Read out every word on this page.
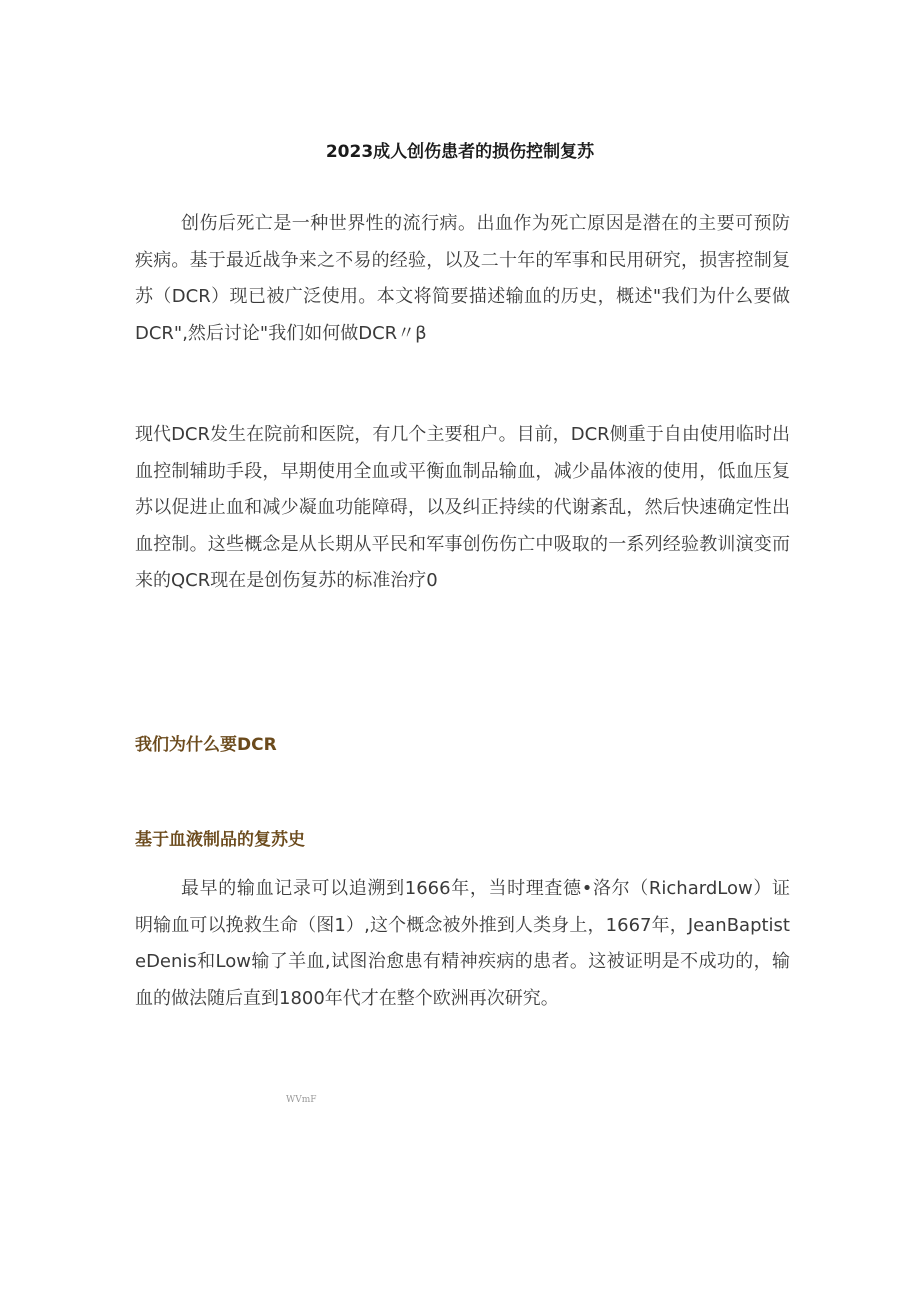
2023成人创伤患者的损伤控制复苏

创伤后死亡是一种世界性的流行病。出血作为死亡原因是潜在的主要可预防疾病。基于最近战争来之不易的经验，以及二十年的军事和民用研究，损害控制复苏（DCR）现已被广泛使用。本文将简要描述输血的历史，概述"我们为什么要做DCR",然后讨论"我们如何做DCR〃β

现代DCR发生在院前和医院，有几个主要租户。目前，DCR侧重于自由使用临时出血控制辅助手段，早期使用全血或平衡血制品输血，减少晶体液的使用，低血压复苏以促进止血和减少凝血功能障碍，以及纠正持续的代谢紊乱，然后快速确定性出血控制。这些概念是从长期从平民和军事创伤伤亡中吸取的一系列经验教训演变而来的QCR现在是创伤复苏的标准治疗0

我们为什么要DCR
基于血液制品的复苏史

最早的输血记录可以追溯到1666年，当时理査德•洛尔（RichardLow）证明输血可以挽救生命（图1）,这个概念被外推到人类身上，1667年，JeanBaptisteDenis和Low输了羊血,试图治愈患有精神疾病的患者。这被证明是不成功的，输血的做法随后直到1800年代才在整个欧洲再次研究。

WVmF
